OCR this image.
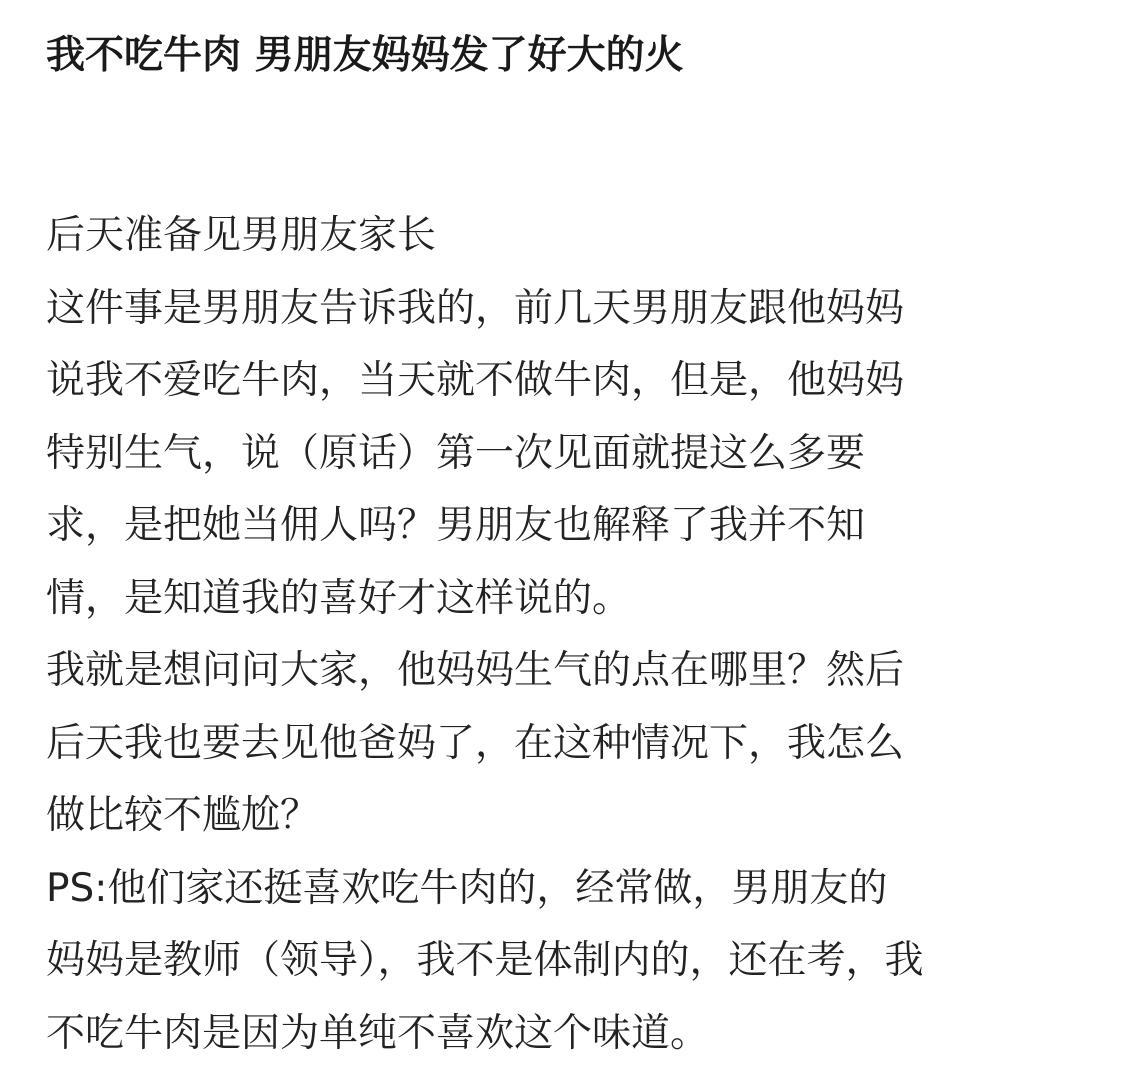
我不吃牛肉 男朋友妈妈发了好大的火
后天准备见男朋友家长
这件事是男朋友告诉我的，前几天男朋友跟他妈妈
说我不爱吃牛肉，当天就不做牛肉，但是，他妈妈
特别生气，说（原话）第一次见面就提这么多要
求，是把她当佣人吗？男朋友也解释了我并不知
情，是知道我的喜好才这样说的。
我就是想问问大家，他妈妈生气的点在哪里？然后
后天我也要去见他爸妈了，在这种情况下，我怎么
做比较不尴尬？
PS:他们家还挺喜欢吃牛肉的，经常做，男朋友的
妈妈是教师（领导），我不是体制内的，还在考，我
不吃牛肉是因为单纯不喜欢这个味道。
